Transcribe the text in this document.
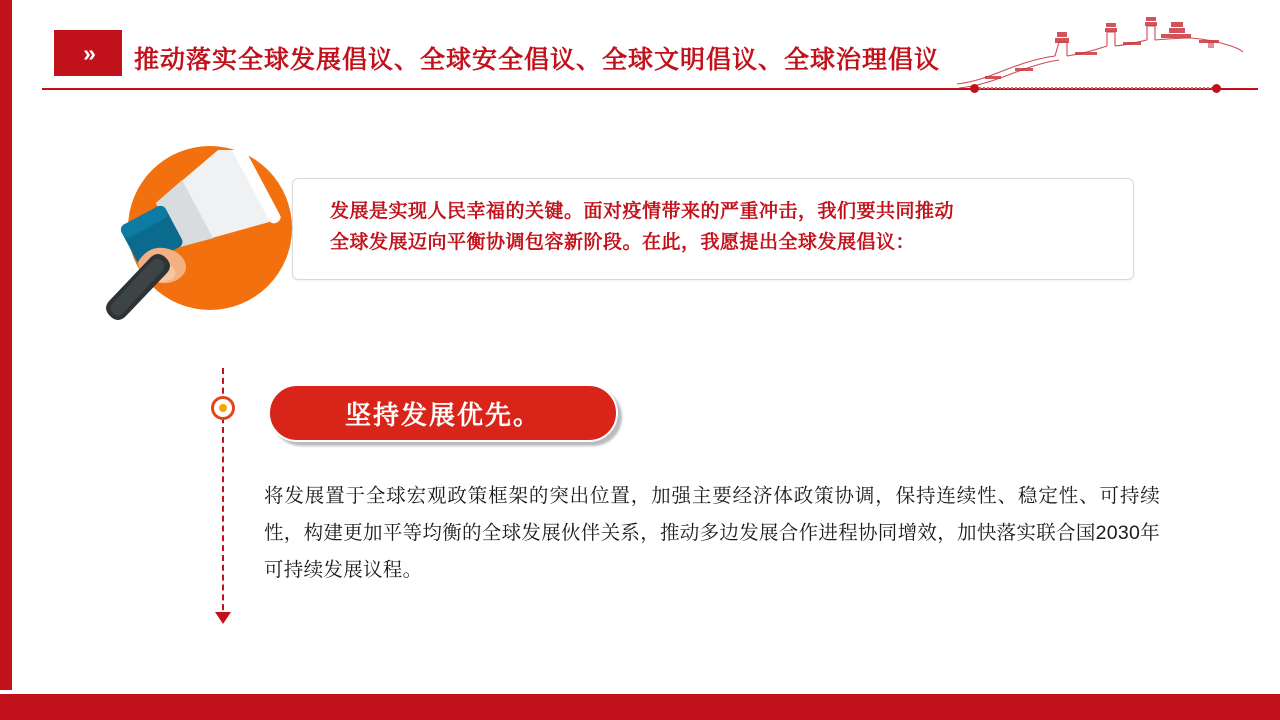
» 推动落实全球发展倡议、全球安全倡议、全球文明倡议、全球治理倡议
发展是实现人民幸福的关键。面对疫情带来的严重冲击，我们要共同推动
全球发展迈向平衡协调包容新阶段。在此，我愿提出全球发展倡议：
坚持发展优先。
将发展置于全球宏观政策框架的突出位置，加强主要经济体政策协调，保持连续性、稳定性、可持续性，构建更加平等均衡的全球发展伙伴关系，推动多边发展合作进程协同增效，加快落实联合国2030年可持续发展议程。
